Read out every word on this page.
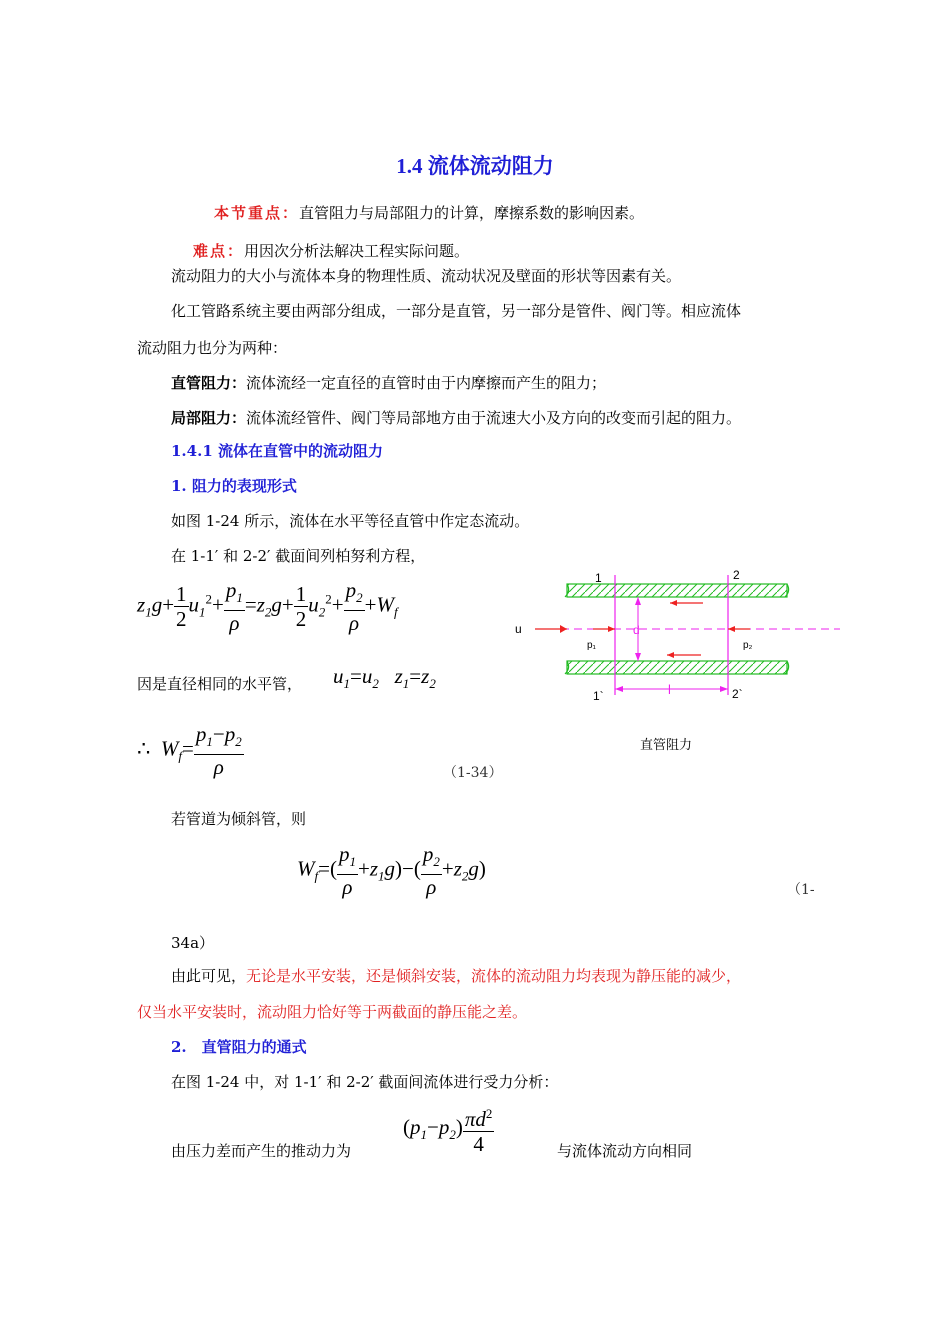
1.4 流体流动阻力
本节重点：直管阻力与局部阻力的计算，摩擦系数的影响因素。
难点：用因次分析法解决工程实际问题。
流动阻力的大小与流体本身的物理性质、流动状况及壁面的形状等因素有关。
化工管路系统主要由两部分组成，一部分是直管，另一部分是管件、阀门等。相应流体
流动阻力也分为两种：
直管阻力：流体流经一定直径的直管时由于内摩擦而产生的阻力；
局部阻力：流体流经管件、阀门等局部地方由于流速大小及方向的改变而引起的阻力。
1.4.1 流体在直管中的流动阻力
1. 阻力的表现形式
如图 1-24 所示，流体在水平等径直管中作定态流动。
在 1-1′ 和 2-2′ 截面间列柏努利方程，
$z_1g+ \frac{1}{2} u_1^2+ \frac{p_1}{\rho} =z_2g+ \frac{1}{2} u_2^2+ \frac{p_2}{\rho} +W_f$
因是直径相同的水平管， $u_1=u_2$   $z_1=z_2$
∴  $W_f= \frac{p_1-p_2}{\rho}$	（1-34）
若管道为倾斜管，则
$W_f=( \frac{p_1}{\rho} +z_1g)-( \frac{p_2}{\rho} +z_2g)$
（1-
34a）
由此可见，无论是水平安装，还是倾斜安装，流体的流动阻力均表现为静压能的减少，
仅当水平安装时，流动阻力恰好等于两截面的静压能之差。
2.　直管阻力的通式
在图 1-24 中，对 1-1′ 和 2-2′ 截面间流体进行受力分析：
由压力差而产生的推动力为
$(p_1-p_2) \frac{\pi d^2}{4}$	与流体流动方向相同
1	2
1`	2`
u	d
l
p₁	p₂
直管阻力
